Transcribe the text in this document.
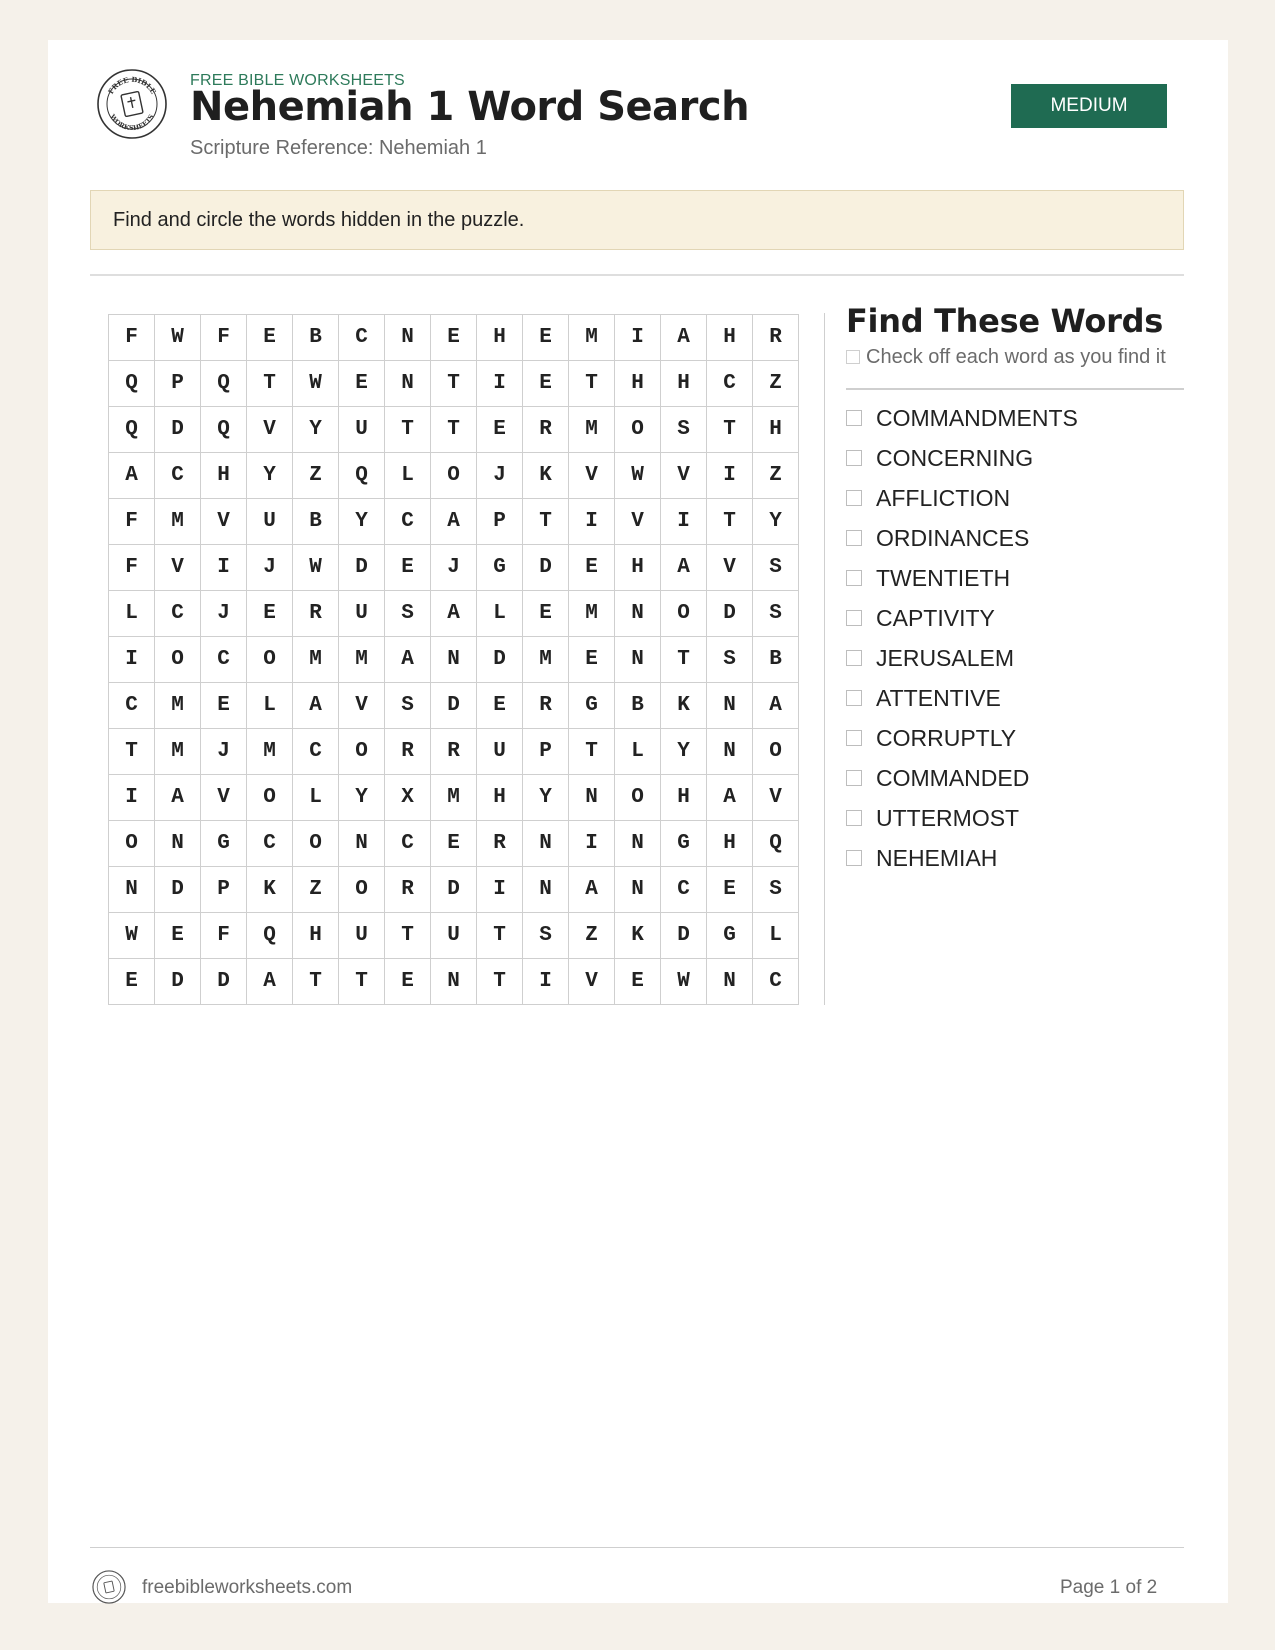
FREE BIBLE
WORKSHEETS
FREE BIBLE WORKSHEETS
Nehemiah 1 Word Search
Scripture Reference: Nehemiah 1
MEDIUM
Find and circle the words hidden in the puzzle.
F	W	F	E	B	C	N	E	H	E	M	I	A	H	R
Q	P	Q	T	W	E	N	T	I	E	T	H	H	C	Z
Q	D	Q	V	Y	U	T	T	E	R	M	O	S	T	H
A	C	H	Y	Z	Q	L	O	J	K	V	W	V	I	Z
F	M	V	U	B	Y	C	A	P	T	I	V	I	T	Y
F	V	I	J	W	D	E	J	G	D	E	H	A	V	S
L	C	J	E	R	U	S	A	L	E	M	N	O	D	S
I	O	C	O	M	M	A	N	D	M	E	N	T	S	B
C	M	E	L	A	V	S	D	E	R	G	B	K	N	A
T	M	J	M	C	O	R	R	U	P	T	L	Y	N	O
I	A	V	O	L	Y	X	M	H	Y	N	O	H	A	V
O	N	G	C	O	N	C	E	R	N	I	N	G	H	Q
N	D	P	K	Z	O	R	D	I	N	A	N	C	E	S
W	E	F	Q	H	U	T	U	T	S	Z	K	D	G	L
E	D	D	A	T	T	E	N	T	I	V	E	W	N	C
Find These Words
Check off each word as you find it
COMMANDMENTS
CONCERNING
AFFLICTION
ORDINANCES
TWENTIETH
CAPTIVITY
JERUSALEM
ATTENTIVE
CORRUPTLY
COMMANDED
UTTERMOST
NEHEMIAH
freebibleworksheets.com	Page 1 of 2
